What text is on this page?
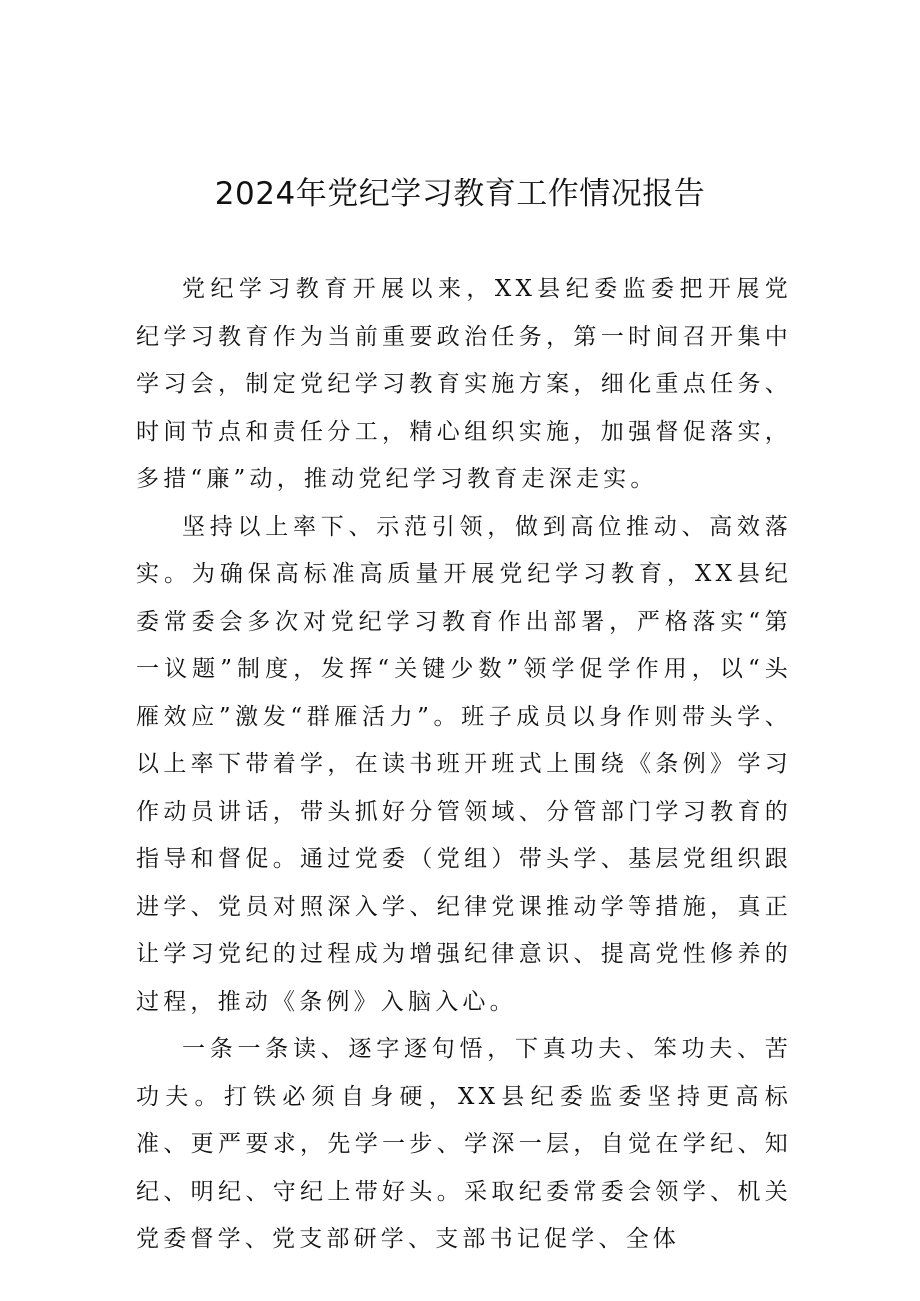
2024年党纪学习教育工作情况报告

党纪学习教育开展以来，XX县纪委监委把开展党纪学习教育作为当前重要政治任务，第一时间召开集中学习会，制定党纪学习教育实施方案，细化重点任务、时间节点和责任分工，精心组织实施，加强督促落实，多措“廉”动，推动党纪学习教育走深走实。

坚持以上率下、示范引领，做到高位推动、高效落实。为确保高标准高质量开展党纪学习教育，XX县纪委常委会多次对党纪学习教育作出部署，严格落实“第一议题”制度，发挥“关键少数”领学促学作用，以“头雁效应”激发“群雁活力”。班子成员以身作则带头学、以上率下带着学，在读书班开班式上围绕《条例》学习作动员讲话，带头抓好分管领域、分管部门学习教育的指导和督促。通过党委（党组）带头学、基层党组织跟进学、党员对照深入学、纪律党课推动学等措施，真正让学习党纪的过程成为增强纪律意识、提高党性修养的过程，推动《条例》入脑入心。

一条一条读、逐字逐句悟，下真功夫、笨功夫、苦功夫。打铁必须自身硬，XX县纪委监委坚持更高标准、更严要求，先学一步、学深一层，自觉在学纪、知纪、明纪、守纪上带好头。采取纪委常委会领学、机关党委督学、党支部研学、支部书记促学、全体
